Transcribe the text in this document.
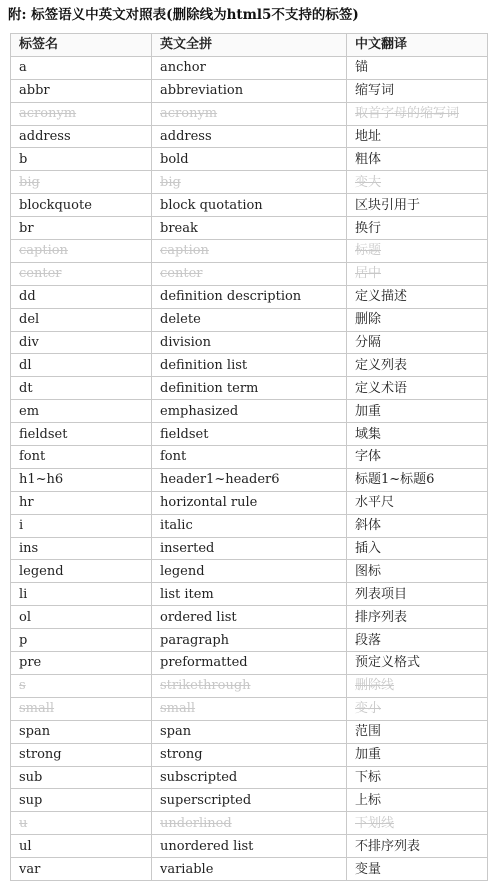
附: 标签语义中英文对照表(删除线为html5不支持的标签)
标签名	英文全拼	中文翻译
a	anchor	锚
abbr	abbreviation	缩写词
acronym	acronym	取首字母的缩写词
address	address	地址
b	bold	粗体
big	big	变大
blockquote	block quotation	区块引用于
br	break	换行
caption	caption	标题
center	center	居中
dd	definition description	定义描述
del	delete	删除
div	division	分隔
dl	definition list	定义列表
dt	definition term	定义术语
em	emphasized	加重
fieldset	fieldset	域集
font	font	字体
h1~h6	header1~header6	标题1~标题6
hr	horizontal rule	水平尺
i	italic	斜体
ins	inserted	插入
legend	legend	图标
li	list item	列表项目
ol	ordered list	排序列表
p	paragraph	段落
pre	preformatted	预定义格式
s	strikethrough	删除线
small	small	变小
span	span	范围
strong	strong	加重
sub	subscripted	下标
sup	superscripted	上标
u	underlined	下划线
ul	unordered list	不排序列表
var	variable	变量
